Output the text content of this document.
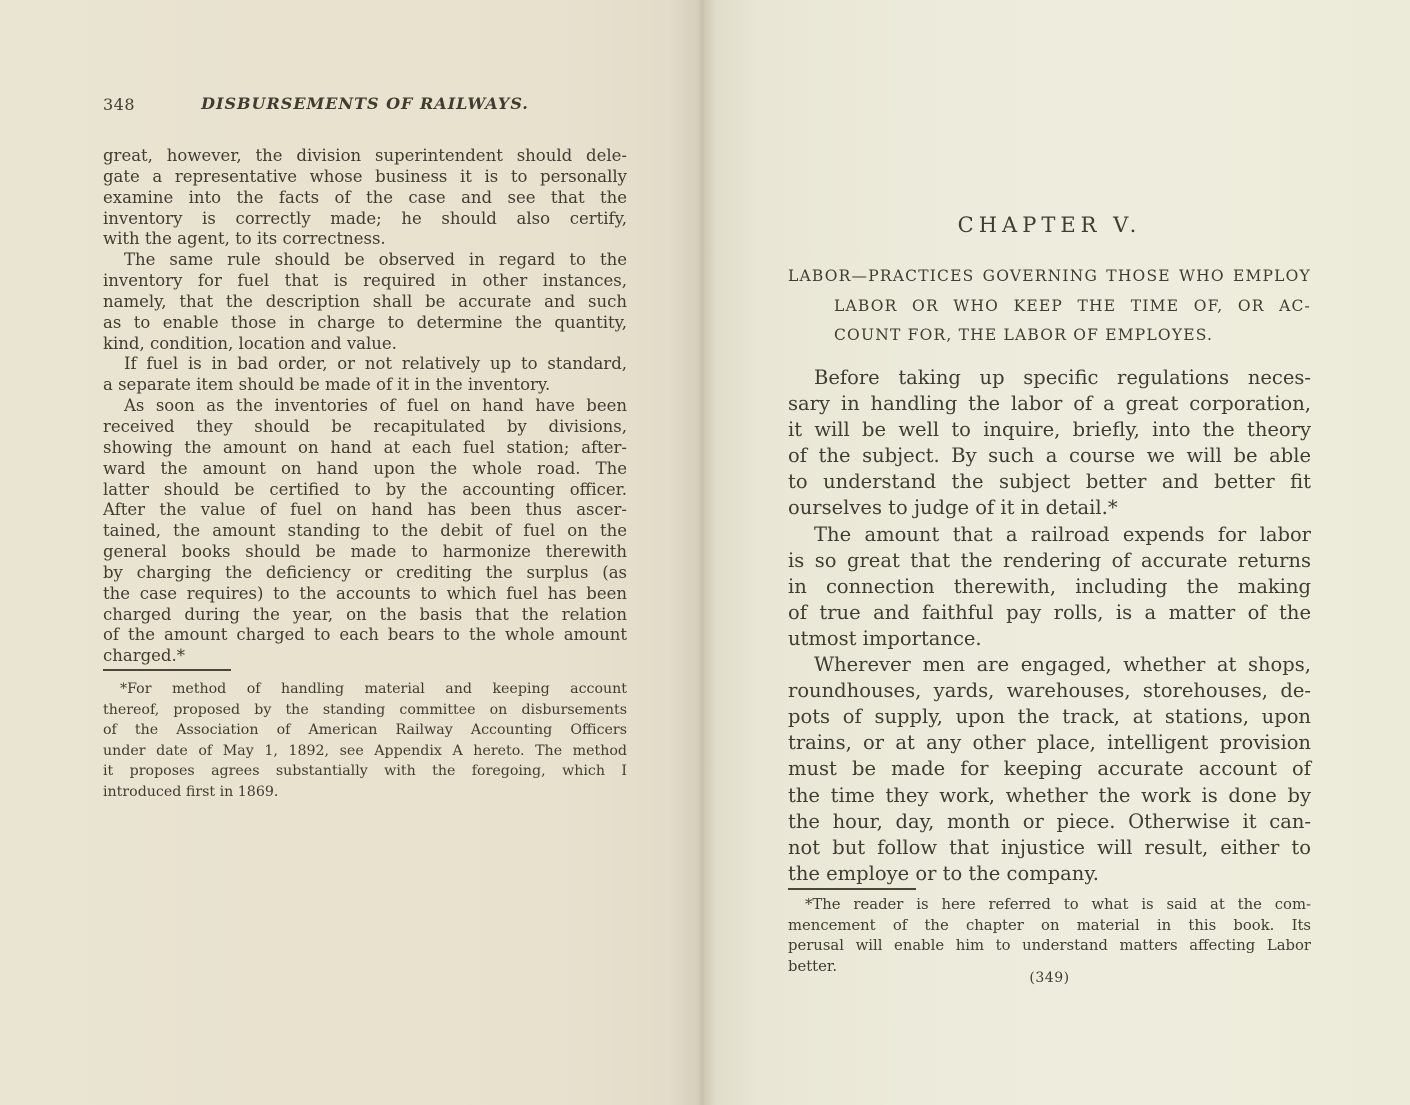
348	DISBURSEMENTS OF RAILWAYS.
great, however, the division superintendent should dele-
gate a representative whose business it is to personally
examine into the facts of the case and see that the
inventory is correctly made; he should also certify,
with the agent, to its correctness.
The same rule should be observed in regard to the
inventory for fuel that is required in other instances,
namely, that the description shall be accurate and such
as to enable those in charge to determine the quantity,
kind, condition, location and value.
If fuel is in bad order, or not relatively up to standard,
a separate item should be made of it in the inventory.
As soon as the inventories of fuel on hand have been
received they should be recapitulated by divisions,
showing the amount on hand at each fuel station; after-
ward the amount on hand upon the whole road. The
latter should be certified to by the accounting officer.
After the value of fuel on hand has been thus ascer-
tained, the amount standing to the debit of fuel on the
general books should be made to harmonize therewith
by charging the deficiency or crediting the surplus (as
the case requires) to the accounts to which fuel has been
charged during the year, on the basis that the relation
of the amount charged to each bears to the whole amount
charged.*
*For method of handling material and keeping account
thereof, proposed by the standing committee on disbursements
of the Association of American Railway Accounting Officers
under date of May 1, 1892, see Appendix A hereto. The method
it proposes agrees substantially with the foregoing, which I
introduced first in 1869.
CHAPTER V.
LABOR—PRACTICES GOVERNING THOSE WHO EMPLOY
LABOR OR WHO KEEP THE TIME OF, OR AC-
COUNT FOR, THE LABOR OF EMPLOYES.
Before taking up specific regulations neces-
sary in handling the labor of a great corporation,
it will be well to inquire, briefly, into the theory
of the subject. By such a course we will be able
to understand the subject better and better fit
ourselves to judge of it in detail.*
The amount that a railroad expends for labor
is so great that the rendering of accurate returns
in connection therewith, including the making
of true and faithful pay rolls, is a matter of the
utmost importance.
Wherever men are engaged, whether at shops,
roundhouses, yards, warehouses, storehouses, de-
pots of supply, upon the track, at stations, upon
trains, or at any other place, intelligent provision
must be made for keeping accurate account of
the time they work, whether the work is done by
the hour, day, month or piece. Otherwise it can-
not but follow that injustice will result, either to
the employe or to the company.
*The reader is here referred to what is said at the com-
mencement of the chapter on material in this book. Its
perusal will enable him to understand matters affecting Labor
better.
(349)
